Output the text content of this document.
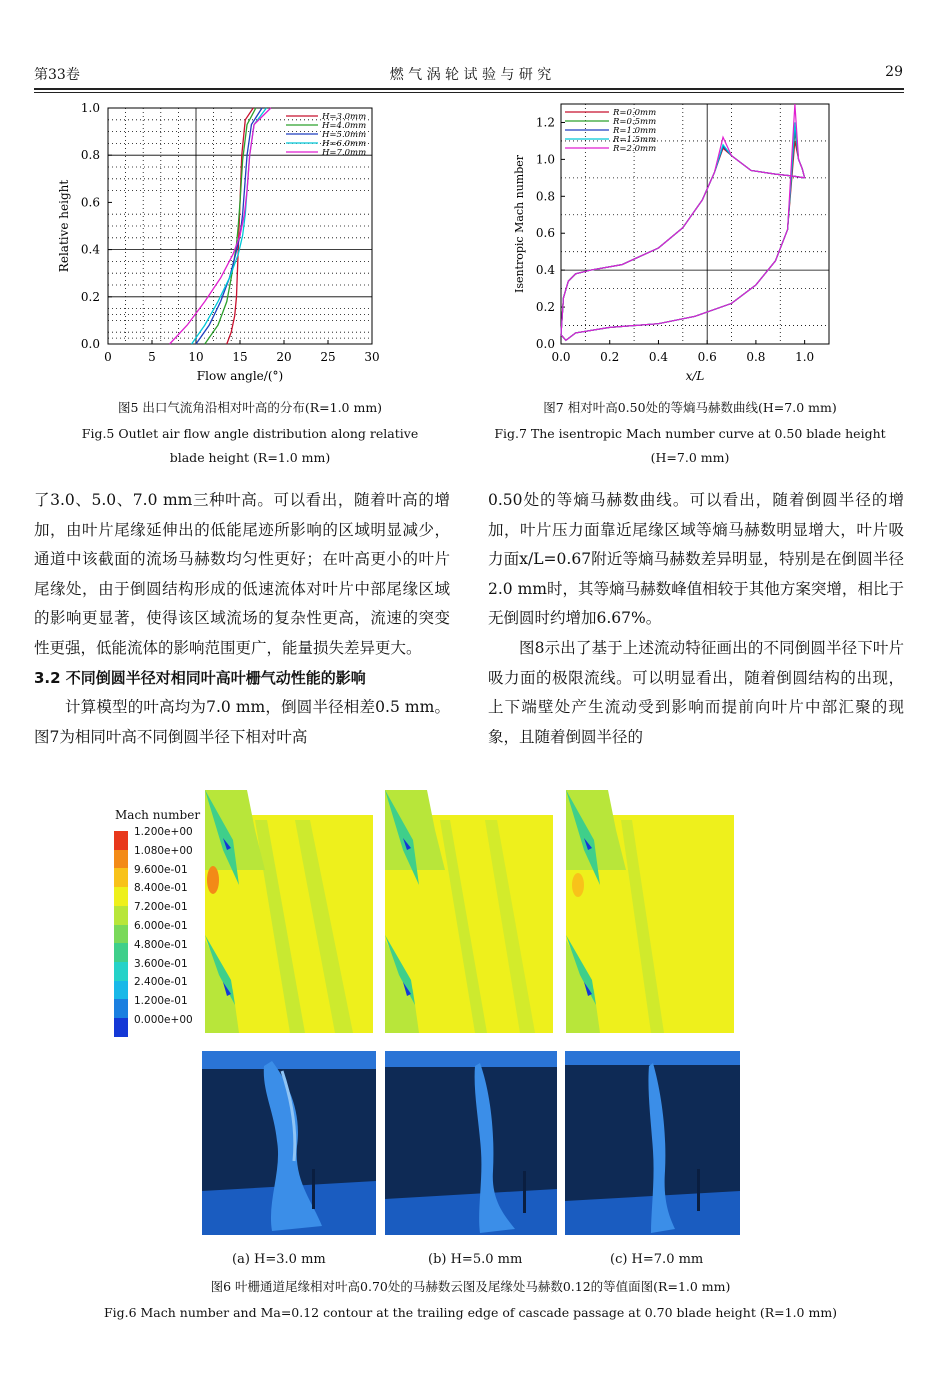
第33卷	燃 气 涡 轮 试 验 与 研 究	29
0	5	10 15 20 25 30
0.0
0.2
0.4
0.6
0.8
1.0
Flow angle/(°)
Relative height
H=3.0mm
H=4.0mm
H=5.0mm
H=6.0mm
H=7.0mm
图5 出口气流角沿相对叶高的分布(R=1.0 mm)
Fig.5 Outlet air flow angle distribution along relative
blade height (R=1.0 mm)
0.0 0.2 0.4 0.6 0.8 1.0
0.0
0.2
0.4
0.6
0.8
1.0
1.2
x/L
Isentropic Mach number
R=0.0mm
R=0.5mm
R=1.0mm
R=1.5mm
R=2.0mm
图7 相对叶高0.50处的等熵马赫数曲线(H=7.0 mm)
Fig.7 The isentropic Mach number curve at 0.50 blade height
(H=7.0 mm)

了3.0、5.0、7.0 mm三种叶高。可以看出，随着叶高的增加，由叶片尾缘延伸出的低能尾迹所影响的区域明显减少，通道中该截面的流场马赫数均匀性更好；在叶高更小的叶片尾缘处，由于倒圆结构形成的低速流体对叶片中部尾缘区域的影响更显著，使得该区域流场的复杂性更高，流速的突变性更强，低能流体的影响范围更广，能量损失差异更大。

3.2 不同倒圆半径对相同叶高叶栅气动性能的影响

计算模型的叶高均为7.0 mm，倒圆半径相差0.5 mm。图7为相同叶高不同倒圆半径下相对叶高

0.50处的等熵马赫数曲线。可以看出，随着倒圆半径的增加，叶片压力面靠近尾缘区域等熵马赫数明显增大，叶片吸力面x/L=0.67附近等熵马赫数差异明显，特别是在倒圆半径2.0 mm时，其等熵马赫数峰值相较于其他方案突增，相比于无倒圆时约增加6.67%。

图8示出了基于上述流动特征画出的不同倒圆半径下叶片吸力面的极限流线。可以明显看出，随着倒圆结构的出现，上下端壁处产生流动受到影响而提前向叶片中部汇聚的现象，且随着倒圆半径的

Mach number
1.200e+00
1.080e+00
9.600e-01
8.400e-01
7.200e-01
6.000e-01
4.800e-01
3.600e-01
2.400e-01
1.200e-01
0.000e+00
(a) H=3.0 mm	(b) H=5.0 mm	(c) H=7.0 mm
图6 叶栅通道尾缘相对叶高0.70处的马赫数云图及尾缘处马赫数0.12的等值面图(R=1.0 mm)
Fig.6 Mach number and Ma=0.12 contour at the trailing edge of cascade passage at 0.70 blade height (R=1.0 mm)
